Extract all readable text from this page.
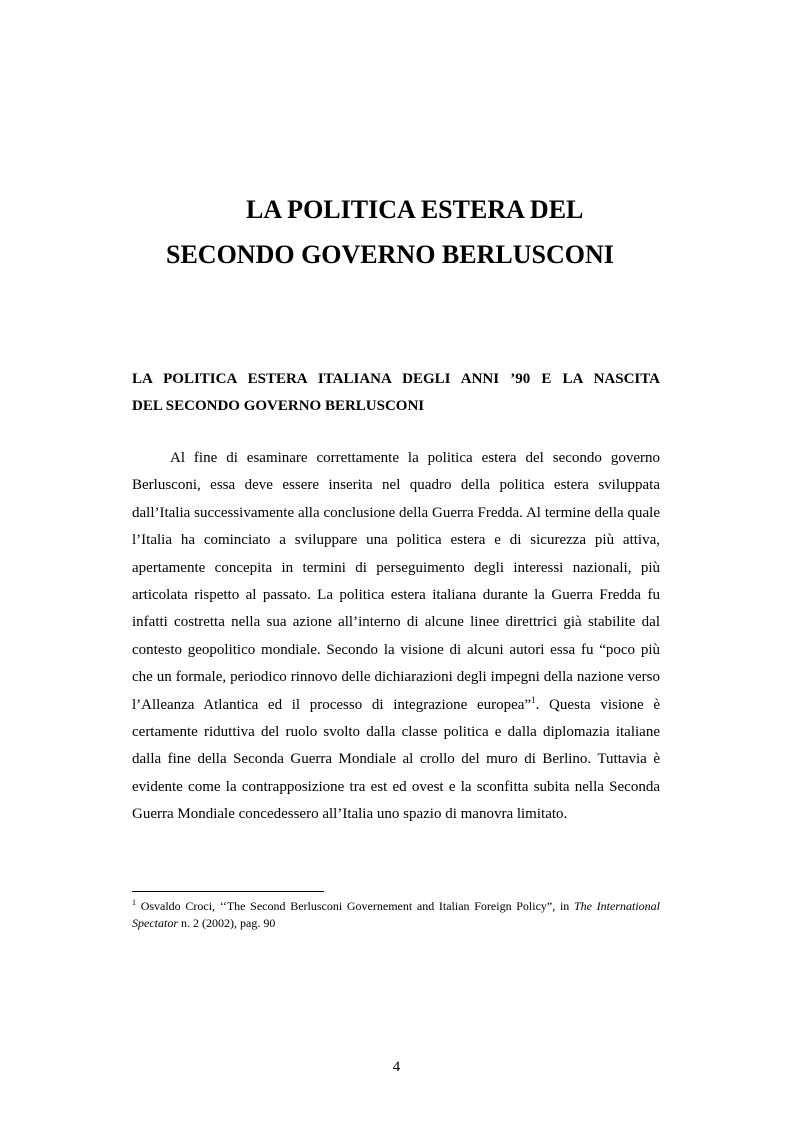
LA POLITICA ESTERA DEL
SECONDO GOVERNO BERLUSCONI
LA POLITICA ESTERA ITALIANA DEGLI ANNI ’90 E LA NASCITA
DEL SECONDO GOVERNO BERLUSCONI

Al fine di esaminare correttamente la politica estera del secondo governo Berlusconi, essa deve essere inserita nel quadro della politica estera sviluppata dall’Italia successivamente alla conclusione della Guerra Fredda. Al termine della quale l’Italia ha cominciato a sviluppare una politica estera e di sicurezza più attiva, apertamente concepita in termini di perseguimento degli interessi nazionali, più articolata rispetto al passato. La politica estera italiana durante la Guerra Fredda fu infatti costretta nella sua azione all’interno di alcune linee direttrici già stabilite dal contesto geopolitico mondiale. Secondo la visione di alcuni autori essa fu “poco più che un formale, periodico rinnovo delle dichiarazioni degli impegni della nazione verso l’Alleanza Atlantica ed il processo di integrazione europea”$^1$. Questa visione è certamente riduttiva del ruolo svolto dalla classe politica e dalla diplomazia italiane dalla fine della Seconda Guerra Mondiale al crollo del muro di Berlino. Tuttavia è evidente come la contrapposizione tra est ed ovest e la sconfitta subita nella Seconda Guerra Mondiale concedessero all’Italia uno spazio di manovra limitato.

$^1$ Osvaldo Croci, ‘‘The Second Berlusconi Governement and Italian Foreign Policy”, in The International Spectator n. 2 (2002), pag. 90

4
